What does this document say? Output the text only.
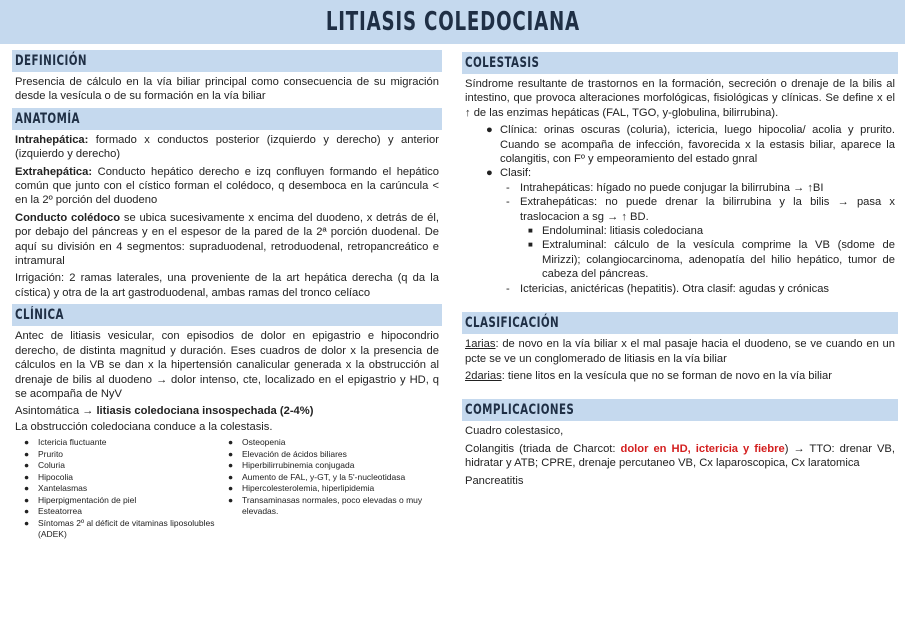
LITIASIS COLEDOCIANA
DEFINICIÓN

Presencia de cálculo en la vía biliar principal como consecuencia de su migración desde la vesícula o de su formación en la vía biliar

ANATOMÍA

Intrahepática: formado x conductos posterior (izquierdo y derecho) y anterior (izquierdo y derecho)

Extrahepática: Conducto hepático derecho e izq confluyen formando el hepático común que junto con el cístico forman el colédoco, q desemboca en la carúncula < en la 2º porción del duodeno

Conducto colédoco se ubica sucesivamente x encima del duodeno, x detrás de él, por debajo del páncreas y en el espesor de la pared de la 2ª porción duodenal. De aquí su división en 4 segmentos: supraduodenal, retroduodenal, retropancreático e intramural

Irrigación: 2 ramas laterales, una proveniente de la art hepática derecha (q da la cística) y otra de la art gastroduodenal, ambas ramas del tronco celíaco

CLÍNICA

Antec de litiasis vesicular, con episodios de dolor en epigastrio e hipocondrio derecho, de distinta magnitud y duración. Eses cuadros de dolor x la presencia de cálculos en la VB se dan x la hipertensión canalicular generada x la obstrucción al drenaje de bilis al duodeno → dolor intenso, cte, localizado en el epigastrio y HD, q se acompaña de NyV

Asintomática → litiasis coledociana insospechada (2-4%)

La obstrucción coledociana conduce a la colestasis.

● Ictericia fluctuante
● Prurito
● Coluria
● Hipocolia
● Xantelasmas
● Hiperpigmentación de piel
● Esteatorrea
● Síntomas 2º al déficit de vitaminas liposolubles (ADEK)
● Osteopenia
● Elevación de ácidos biliares
● Hiperbilirrubinemia conjugada
● Aumento de FAL, y-GT, y la 5'-nucleotidasa
● Hipercolesterolemia, hiperlipidemia
● Transaminasas normales, poco elevadas o muy elevadas.
COLESTASIS

Síndrome resultante de trastornos en la formación, secreción o drenaje de la bilis al intestino, que provoca alteraciones morfológicas, fisiológicas y clínicas. Se define x el ↑ de las enzimas hepáticas (FAL, TGO, y-globulina, bilirrubina).

● Clínica: orinas oscuras (coluria), ictericia, luego hipocolia/ acolia y prurito. Cuando se acompaña de infección, favorecida x la estasis biliar, aparece la colangitis, con Fº y empeoramiento del estado gnral
● Clasif:
- Intrahepáticas: hígado no puede conjugar la bilirrubina → ↑BI
- Extrahepáticas: no puede drenar la bilirrubina y la bilis → pasa x traslocacion a sg → ↑ BD.
■ Endoluminal: litiasis coledociana
■ Extraluminal: cálculo de la vesícula comprime la VB (sdome de Mirizzi); colangiocarcinoma, adenopatía del hilio hepático, tumor de cabeza del páncreas.
- Ictericias, anictéricas (hepatitis). Otra clasif: agudas y crónicas
CLASIFICACIÓN

1arias: de novo en la vía biliar x el mal pasaje hacia el duodeno, se ve cuando en un pcte se ve un conglomerado de litiasis en la vía biliar

2darias: tiene litos en la vesícula que no se forman de novo en la vía biliar

COMPLICACIONES

Cuadro colestasico,

Colangitis (triada de Charcot: dolor en HD, ictericia y fiebre) → TTO: drenar VB, hidratar y ATB; CPRE, drenaje percutaneo VB, Cx laparoscopica, Cx laratomica

Pancreatitis
